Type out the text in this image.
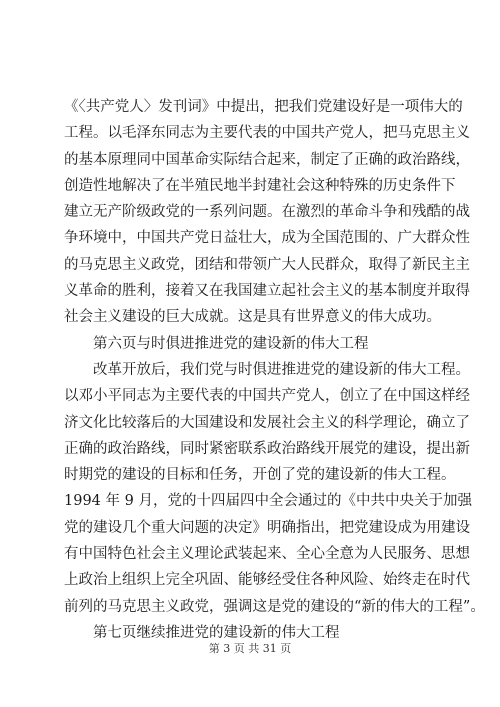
《〈共产党人〉发刊词》中提出，把我们党建设好是一项伟大的
工程。以毛泽东同志为主要代表的中国共产党人，把马克思主义
的基本原理同中国革命实际结合起来，制定了正确的政治路线，
创造性地解决了在半殖民地半封建社会这种特殊的历史条件下
建立无产阶级政党的一系列问题。在激烈的革命斗争和残酷的战
争环境中，中国共产党日益壮大，成为全国范围的、广大群众性
的马克思主义政党，团结和带领广大人民群众，取得了新民主主
义革命的胜利，接着又在我国建立起社会主义的基本制度并取得
社会主义建设的巨大成就。这是具有世界意义的伟大成功。
第六页与时俱进推进党的建设新的伟大工程
改革开放后，我们党与时俱进推进党的建设新的伟大工程。
以邓小平同志为主要代表的中国共产党人，创立了在中国这样经
济文化比较落后的大国建设和发展社会主义的科学理论，确立了
正确的政治路线，同时紧密联系政治路线开展党的建设，提出新
时期党的建设的目标和任务，开创了党的建设新的伟大工程。
1994 年 9 月，党的十四届四中全会通过的《中共中央关于加强
党的建设几个重大问题的决定》明确指出，把党建设成为用建设
有中国特色社会主义理论武装起来、全心全意为人民服务、思想
上政治上组织上完全巩固、能够经受住各种风险、始终走在时代
前列的马克思主义政党，强调这是党的建设的“新的伟大的工程”。
第七页继续推进党的建设新的伟大工程
第 3 页 共 31 页
